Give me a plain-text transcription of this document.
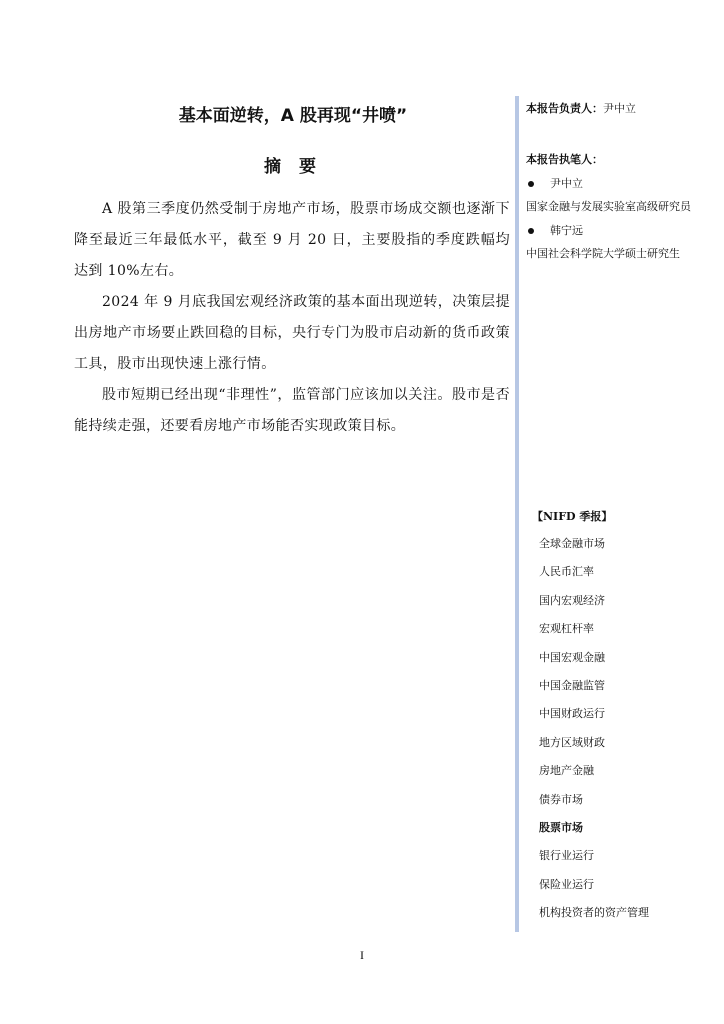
基本面逆转，A 股再现“井喷”
摘要

A 股第三季度仍然受制于房地产市场，股票市场成交额也逐渐下降至最近三年最低水平，截至 9 月 20 日，主要股指的季度跌幅均达到 10%左右。

2024 年 9 月底我国宏观经济政策的基本面出现逆转，决策层提出房地产市场要止跌回稳的目标，央行专门为股市启动新的货币政策工具，股市出现快速上涨行情。

股市短期已经出现“非理性”，监管部门应该加以关注。股市是否能持续走强，还要看房地产市场能否实现政策目标。

本报告负责人：尹中立

本报告执笔人：

尹中立

国家金融与发展实验室高级研究员

韩宁远

中国社会科学院大学硕士研究生

【NIFD 季报】

全球金融市场
人民币汇率
国内宏观经济
宏观杠杆率
中国宏观金融
中国金融监管
中国财政运行
地方区域财政
房地产金融
债券市场
股票市场
银行业运行
保险业运行
机构投资者的资产管理
I
